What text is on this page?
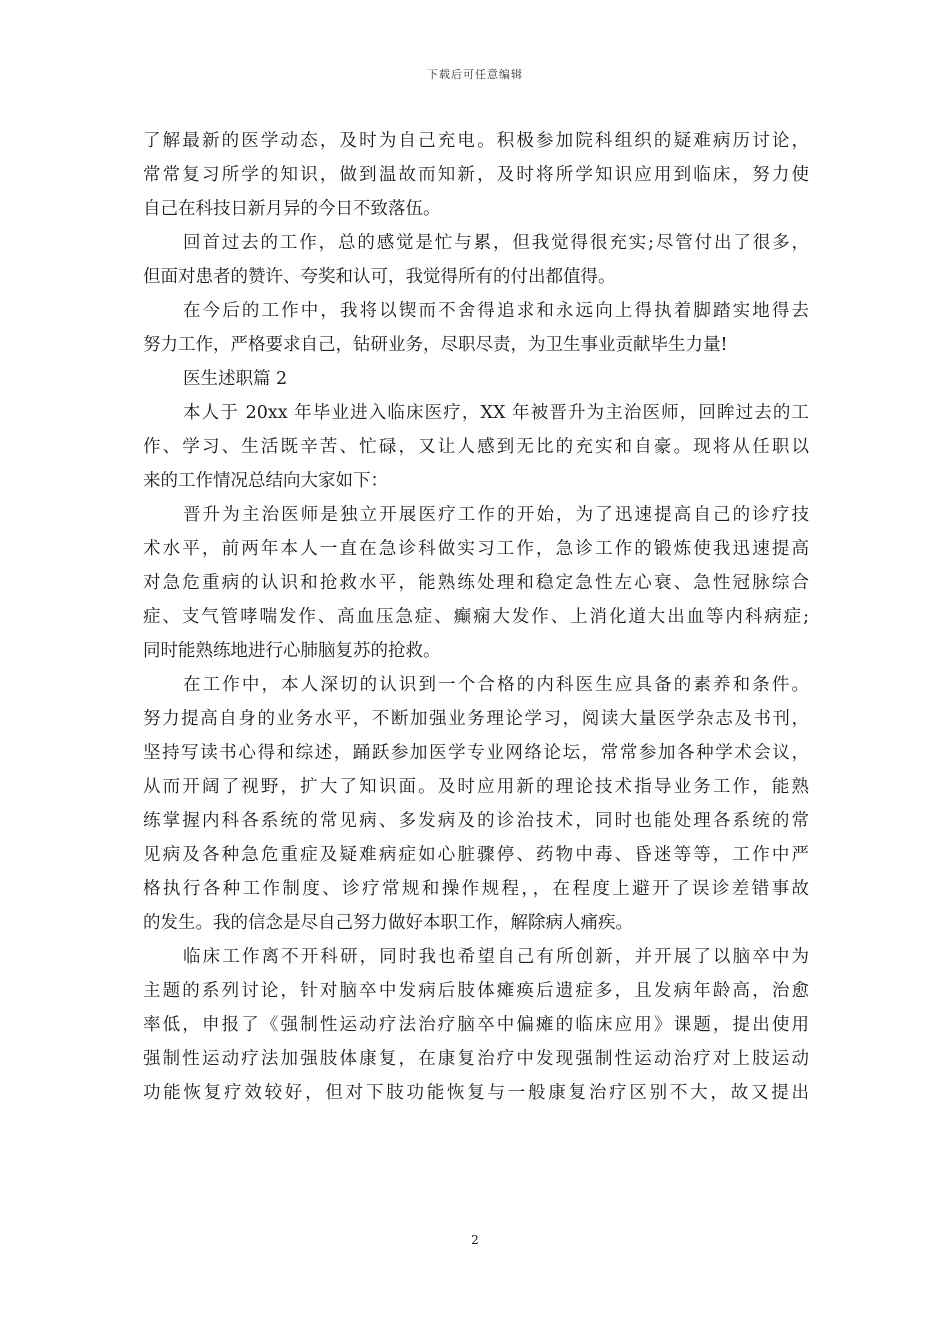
下载后可任意编辑
了解最新的医学动态，及时为自己充电。积极参加院科组织的疑难病历讨论，
常常复习所学的知识，做到温故而知新，及时将所学知识应用到临床，努力使
自己在科技日新月异的今日不致落伍。
回首过去的工作，总的感觉是忙与累，但我觉得很充实;尽管付出了很多，
但面对患者的赞许、夸奖和认可，我觉得所有的付出都值得。
在今后的工作中，我将以锲而不舍得追求和永远向上得执着脚踏实地得去
努力工作，严格要求自己，钻研业务，尽职尽责，为卫生事业贡献毕生力量!
医生述职篇 2
本人于 20xx 年毕业进入临床医疗，XX 年被晋升为主治医师，回眸过去的工
作、学习、生活既辛苦、忙碌，又让人感到无比的充实和自豪。现将从任职以
来的工作情况总结向大家如下：
晋升为主治医师是独立开展医疗工作的开始，为了迅速提高自己的诊疗技
术水平，前两年本人一直在急诊科做实习工作，急诊工作的锻炼使我迅速提高
对急危重病的认识和抢救水平，能熟练处理和稳定急性左心衰、急性冠脉综合
症、支气管哮喘发作、高血压急症、癫痫大发作、上消化道大出血等内科病症;
同时能熟练地进行心肺脑复苏的抢救。
在工作中，本人深切的认识到一个合格的内科医生应具备的素养和条件。
努力提高自身的业务水平，不断加强业务理论学习，阅读大量医学杂志及书刊，
坚持写读书心得和综述，踊跃参加医学专业网络论坛，常常参加各种学术会议，
从而开阔了视野，扩大了知识面。及时应用新的理论技术指导业务工作，能熟
练掌握内科各系统的常见病、多发病及的诊治技术，同时也能处理各系统的常
见病及各种急危重症及疑难病症如心脏骤停、药物中毒、昏迷等等，工作中严
格执行各种工作制度、诊疗常规和操作规程，，在程度上避开了误诊差错事故
的发生。我的信念是尽自己努力做好本职工作，解除病人痛疾。
临床工作离不开科研，同时我也希望自己有所创新，并开展了以脑卒中为
主题的系列讨论，针对脑卒中发病后肢体瘫痪后遗症多，且发病年龄高，治愈
率低，申报了《强制性运动疗法治疗脑卒中偏瘫的临床应用》课题，提出使用
强制性运动疗法加强肢体康复，在康复治疗中发现强制性运动治疗对上肢运动
功能恢复疗效较好，但对下肢功能恢复与一般康复治疗区别不大，故又提出
2
